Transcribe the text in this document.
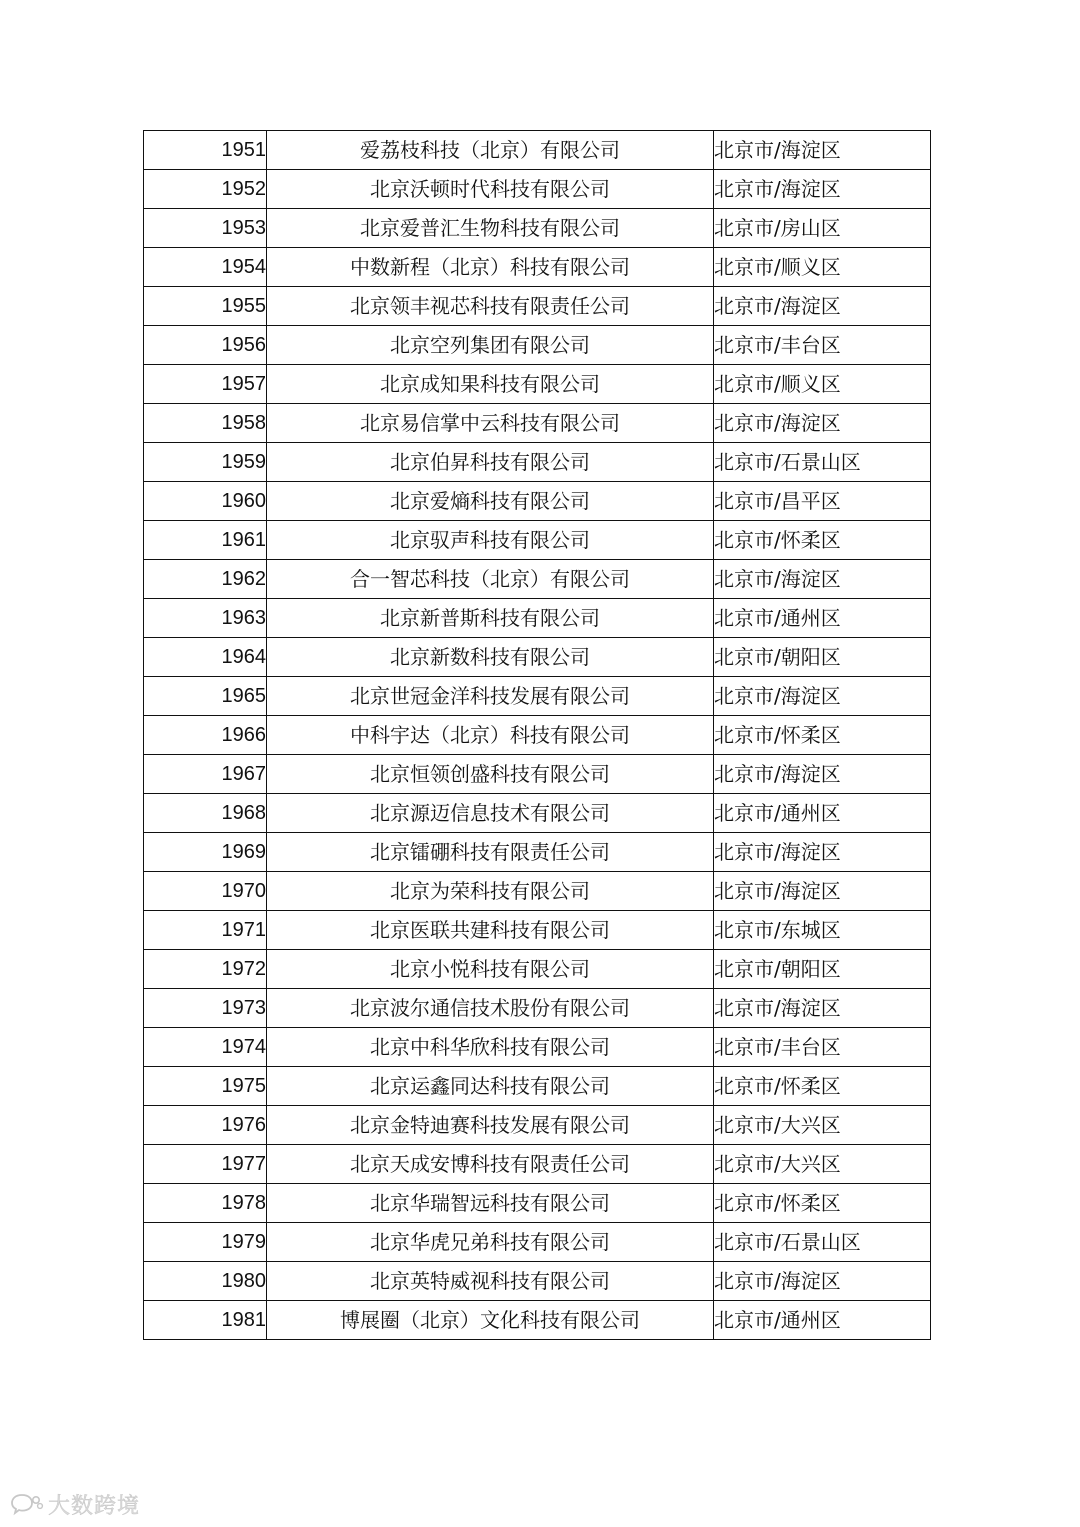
1951	爱荔枝科技（北京）有限公司	北京市/海淀区
1952	北京沃顿时代科技有限公司	北京市/海淀区
1953	北京爱普汇生物科技有限公司	北京市/房山区
1954	中数新程（北京）科技有限公司	北京市/顺义区
1955	北京领丰视芯科技有限责任公司	北京市/海淀区
1956	北京空列集团有限公司	北京市/丰台区
1957	北京成知果科技有限公司	北京市/顺义区
1958	北京易信掌中云科技有限公司	北京市/海淀区
1959	北京伯昇科技有限公司	北京市/石景山区
1960	北京爱熵科技有限公司	北京市/昌平区
1961	北京驭声科技有限公司	北京市/怀柔区
1962	合一智芯科技（北京）有限公司	北京市/海淀区
1963	北京新普斯科技有限公司	北京市/通州区
1964	北京新数科技有限公司	北京市/朝阳区
1965	北京世冠金洋科技发展有限公司	北京市/海淀区
1966	中科宇达（北京）科技有限公司	北京市/怀柔区
1967	北京恒领创盛科技有限公司	北京市/海淀区
1968	北京源迈信息技术有限公司	北京市/通州区
1969	北京镭硼科技有限责任公司	北京市/海淀区
1970	北京为荣科技有限公司	北京市/海淀区
1971	北京医联共建科技有限公司	北京市/东城区
1972	北京小悦科技有限公司	北京市/朝阳区
1973	北京波尔通信技术股份有限公司	北京市/海淀区
1974	北京中科华欣科技有限公司	北京市/丰台区
1975	北京运鑫同达科技有限公司	北京市/怀柔区
1976	北京金特迪赛科技发展有限公司	北京市/大兴区
1977	北京天成安博科技有限责任公司	北京市/大兴区
1978	北京华瑞智远科技有限公司	北京市/怀柔区
1979	北京华虎兄弟科技有限公司	北京市/石景山区
1980	北京英特威视科技有限公司	北京市/海淀区
1981	博展圈（北京）文化科技有限公司	北京市/通州区
大数跨境
